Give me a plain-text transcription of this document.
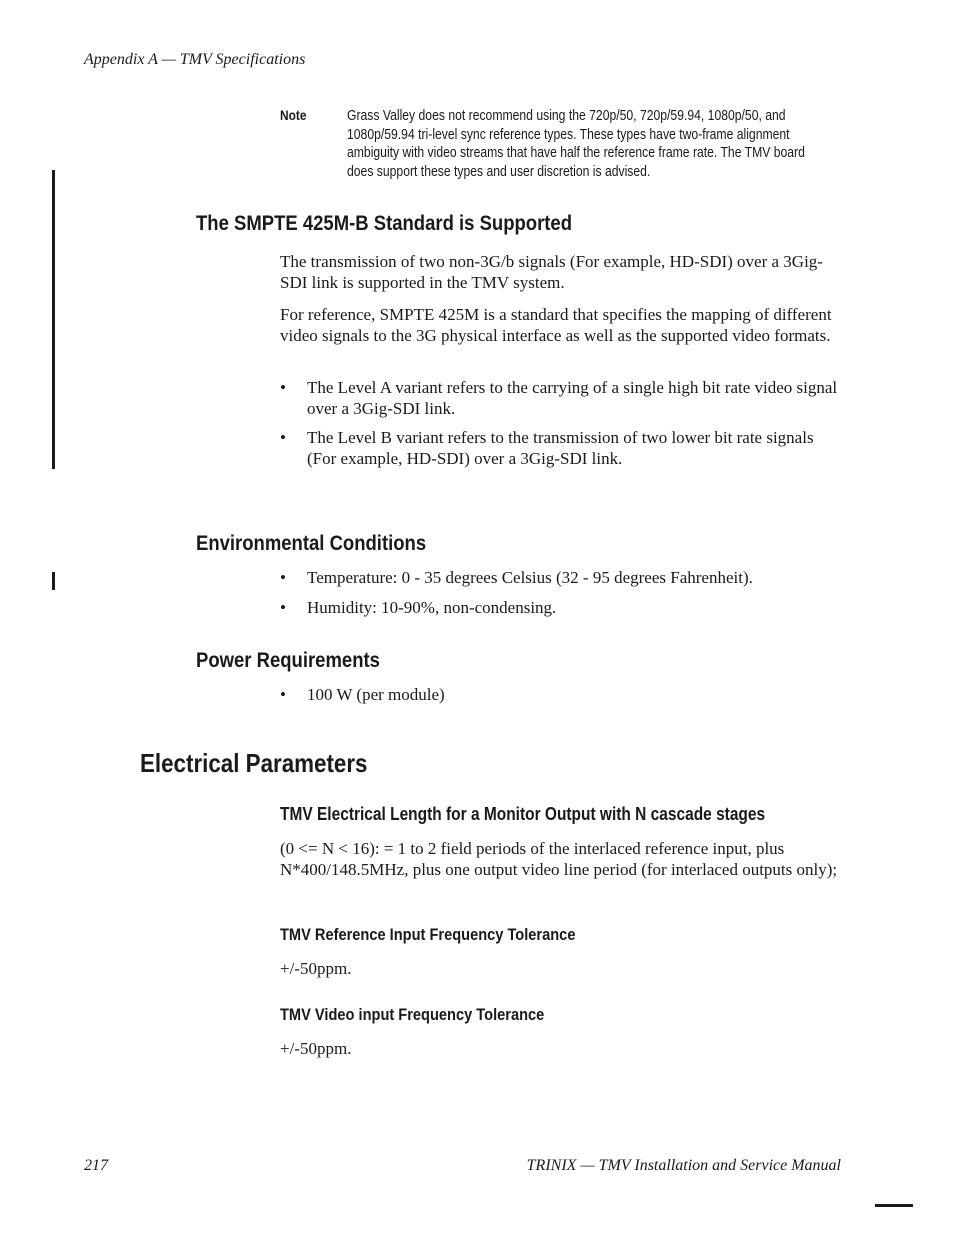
Appendix A — TMV Specifications
Note	Grass Valley does not recommend using the 720p/50, 720p/59.94, 1080p/50, and 1080p/59.94 tri-level sync reference types. These types have two-frame alignment ambiguity with video streams that have half the reference frame rate. The TMV board does support these types and user discretion is advised.
The SMPTE 425M-B Standard is Supported
The transmission of two non-3G/b signals (For example, HD-SDI) over a 3Gig-SDI link is supported in the TMV system.
For reference, SMPTE 425M is a standard that specifies the mapping of different video signals to the 3G physical interface as well as the supported video formats.
• The Level A variant refers to the carrying of a single high bit rate video signal over a 3Gig-SDI link.
• The Level B variant refers to the transmission of two lower bit rate signals (For example, HD-SDI) over a 3Gig-SDI link.
Environmental Conditions
• Temperature: 0 - 35 degrees Celsius (32 - 95 degrees Fahrenheit).
• Humidity: 10-90%, non-condensing.
Power Requirements
• 100 W (per module)
Electrical Parameters
TMV Electrical Length for a Monitor Output with N cascade stages
(0 <= N < 16): = 1 to 2 field periods of the interlaced reference input, plus N*400/148.5MHz, plus one output video line period (for interlaced outputs only);
TMV Reference Input Frequency Tolerance
+/-50ppm.
TMV Video input Frequency Tolerance
+/-50ppm.
217	TRINIX — TMV Installation and Service Manual
